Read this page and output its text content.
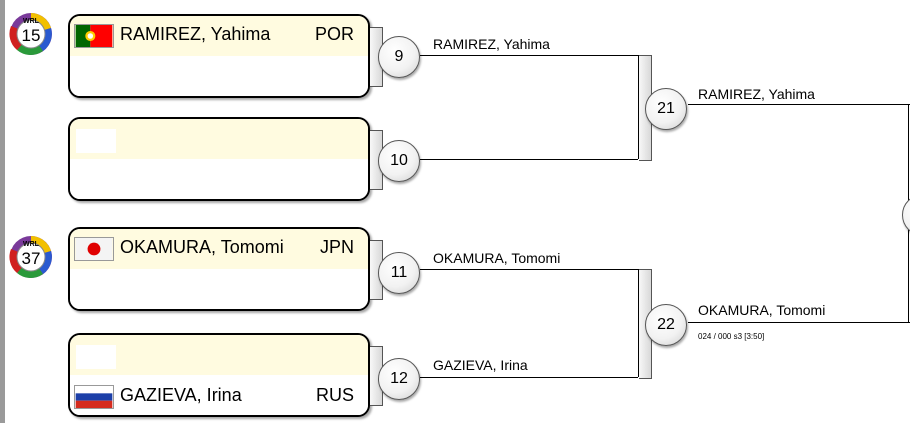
WRL
15
WRL
37
RAMIREZ, Yahima POR
OKAMURA, Tomomi JPN
GAZIEVA, Irina	RUS
9
10
11
12
RAMIREZ, Yahima
OKAMURA, Tomomi
GAZIEVA, Irina
21
22
RAMIREZ, Yahima
OKAMURA, Tomomi
024 / 000 s3 [3:50]
